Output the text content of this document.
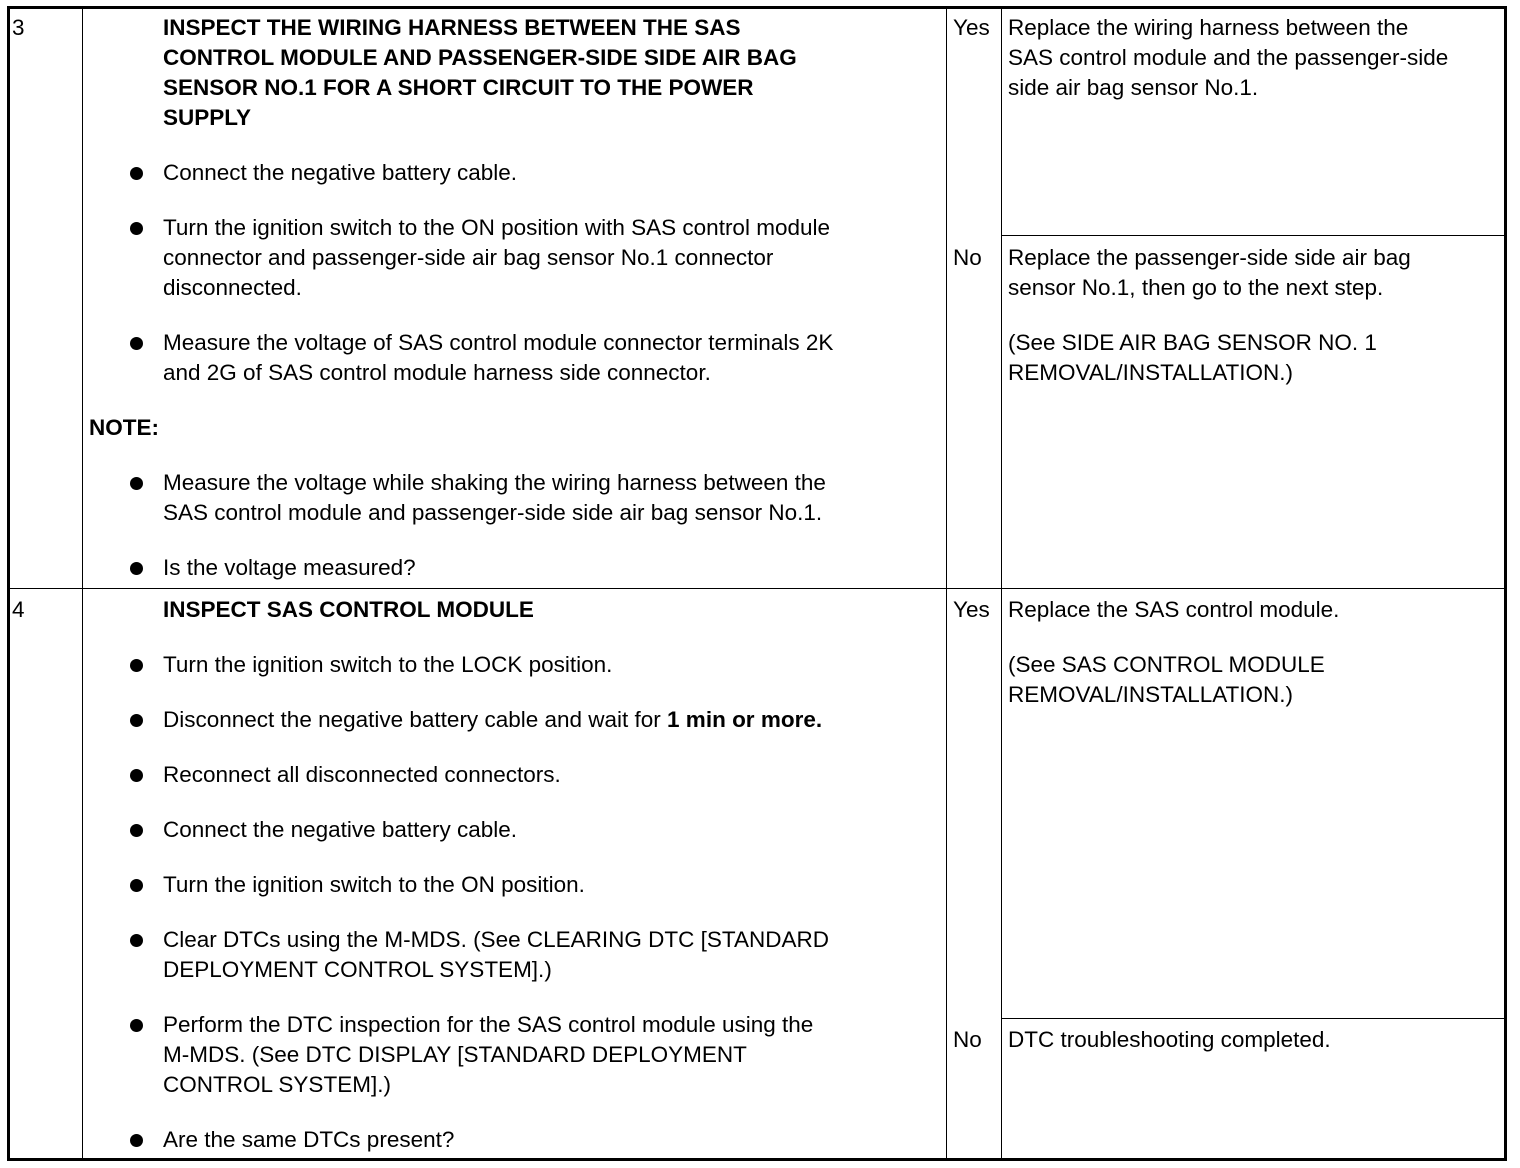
3	INSPECT THE WIRING HARNESS BETWEEN THE SAS

CONTROL MODULE AND PASSENGER-SIDE SIDE AIR BAG

SENSOR NO.1 FOR A SHORT CIRCUIT TO THE POWER

SUPPLY

Connect the negative battery cable.

Turn the ignition switch to the ON position with SAS control module

connector and passenger-side air bag sensor No.1 connector

disconnected.

Measure the voltage of SAS control module connector terminals 2K

and 2G of SAS control module harness side connector.

NOTE:

Measure the voltage while shaking the wiring harness between the

SAS control module and passenger-side side air bag sensor No.1.

Is the voltage measured?

Yes Replace the wiring harness between the

SAS control module and the passenger-side

side air bag sensor No.1.

No Replace the passenger-side side air bag

sensor No.1, then go to the next step.

(See SIDE AIR BAG SENSOR NO. 1

REMOVAL/INSTALLATION.)

4	INSPECT SAS CONTROL MODULE

Turn the ignition switch to the LOCK position.

Disconnect the negative battery cable and wait for 1 min or more.

Reconnect all disconnected connectors.

Connect the negative battery cable.

Turn the ignition switch to the ON position.

Clear DTCs using the M-MDS. (See CLEARING DTC [STANDARD

DEPLOYMENT CONTROL SYSTEM].)

Perform the DTC inspection for the SAS control module using the

M-MDS. (See DTC DISPLAY [STANDARD DEPLOYMENT

CONTROL SYSTEM].)

Are the same DTCs present?

Yes Replace the SAS control module.

(See SAS CONTROL MODULE

REMOVAL/INSTALLATION.)

No DTC troubleshooting completed.
